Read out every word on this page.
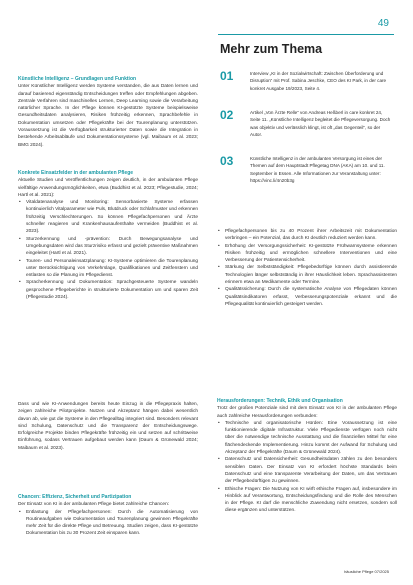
49
Mehr zum Thema
01	Interview „KI in der Sozialwirtschaft: Zwischen Überforderung und Disruption“ mit Prof. Sabina Jeschke, CEO des KI Park, in der care konkret Ausgabe 19/2023, Seite 4.
02	Artikel „Von Ärzte Relle“ von Andreas Heßberl in care konkret 24, Seite 11. „Künstliche Intelligenz begleitet die Pflegeversorgung. Doch was objektiv und verlässlich klingt, ist oft „das Gegenteil“, so der Autor.
03	Künstliche Intelligenz in der ambulanten Versorgung ist eines der Themen auf dem Hauptstadt Pflegetag DNA (AKA) am 10. und 11. September in Essen. Alle Informationen zur Veranstaltung unter: https://vinc.li/4n20b3g
Künstliche Intelligenz – Grundlagen und Funktion
Unter Künstlicher Intelligenz werden Systeme verstanden, die aus Daten lernen und darauf basierend eigenständig Entscheidungen treffen oder Empfehlungen abgeben. Zentrale Verfahren sind maschinelles Lernen, Deep Learning sowie die Verarbeitung natürlicher Sprache. In der Pflege können KI-gestützte Systeme beispielsweise Gesundheitsdaten analysieren, Risiken frühzeitig erkennen, Sprachbefehle in Dokumentation umsetzen oder Pflegekräfte bei der Tourenplanung unterstützen. Voraussetzung ist die Verfügbarkeit strukturierter Daten sowie die Integration in bestehende Arbeitsabläufe und Dokumentationssysteme (vgl. Maibaum et al. 2023; BMG 2024).
Konkrete Einsatzfelder in der ambulanten Pflege
Aktuelle Studien und Veröffentlichungen zeigen deutlich, in der ambulanten Pflege vielfältige Anwendungsmöglichkeiten, etwa (Buddhist et al. 2023; Pflegestudie, 2024; Hartl et al. 2021):
• Vitaldatenanalyse und Monitoring: Sensorbasierte Systeme erfassen kontinuierlich Vitalparameter wie Puls, Blutdruck oder Schlafmuster und erkennen frühzeitig Verschlechterungen. So können Pflegefachpersonen und Ärzte schneller reagieren und Krankenhausaufenthalte vermeiden (Buddhist et al. 2023).
• Sturzerkennung und -prävention: Durch Bewegungsanalyse und Umgebungsdaten wird das Sturzrisiko erfasst und gezielt präventive Maßnahmen eingeleitet (Hartl et al. 2021).
• Touren- und Personaleinsatzplanung: KI-Systeme optimieren die Tourenplanung unter Berücksichtigung von Verkehrslage, Qualifikationen und Zeitfenstern und entlasten so die Planung im Pflegedienst.
• Spracherkennung und Dokumentation: Sprachgesteuerte Systeme wandeln gesprochene Pflegeberichte in strukturierte Dokumentation um und sparen Zeit (Pflegestudie 2024).
Dass und wie KI-Anwendungen bereits heute Einzug in die Pflegepraxis halten, zeigen zahlreiche Pilotprojekte. Nutzen und Akzeptanz hängen dabei wesentlich davon ab, wie gut die Systeme in den Pflegealltag integriert sind. Besonders relevant sind Schulung, Datenschutz und die Transparenz der Entscheidungswege. Erfolgreiche Projekte binden Pflegekräfte frühzeitig ein und setzen auf schrittweise Einführung, sodass Vertrauen aufgebaut werden kann (Daum & Grünewald 2024; Maibaum et al. 2023).
Chancen: Effizienz, Sicherheit und Partizipation
Der Einsatz von KI in der ambulanten Pflege bietet zahlreiche Chancen:
• Entlastung der Pflegefachpersonen: Durch die Automatisierung von Routineaufgaben wie Dokumentation und Tourenplanung gewinnen Pflegekräfte mehr Zeit für die direkte Pflege und Betreuung. Studien zeigen, dass KI-gestützte Dokumentation bis zu 30 Prozent Zeit einsparen kann.
• Pflegefachpersonen bis zu 40 Prozent ihrer Arbeitszeit mit Dokumentation verbringen – ein Potenzial, das durch KI deutlich reduziert werden kann.
• Erhöhung der Versorgungssicherheit: KI-gestützte Frühwarnsysteme erkennen Risiken frühzeitig und ermöglichen schnellere Interventionen und eine Verbesserung der Patientensicherheit.
• Stärkung der Selbstständigkeit: Pflegebedürftige können durch assistierende Technologien länger selbstständig in ihrer Häuslichkeit leben. Sprachassistenten erinnern etwa an Medikamente oder Termine.
• Qualitätssicherung: Durch die systematische Analyse von Pflegedaten können Qualitätsindikatoren erfasst, Verbesserungspotenziale erkannt und die Pflegequalität kontinuierlich gesteigert werden.
Herausforderungen: Technik, Ethik und Organisation
Trotz der großen Potenziale sind mit dem Einsatz von KI in der ambulanten Pflege auch zahlreiche Herausforderungen verbunden:
• Technische und organisatorische Hürden: Eine Voraussetzung ist eine funktionierende digitale Infrastruktur. Viele Pflegedienste verfügen noch nicht über die notwendige technische Ausstattung und die finanziellen Mittel für eine flächendeckende Implementierung. Hinzu kommt der Aufwand für Schulung und Akzeptanz der Pflegekräfte (Daum & Grünewald 2024).
• Datenschutz und Datensicherheit: Gesundheitsdaten zählen zu den besonders sensiblen Daten. Der Einsatz von KI erfordert höchste Standards beim Datenschutz und eine transparente Verarbeitung der Daten, um das Vertrauen der Pflegebedürftigen zu gewinnen.
• Ethische Fragen: Die Nutzung von KI wirft ethische Fragen auf, insbesondere im Hinblick auf Verantwortung, Entscheidungsfindung und die Rolle des Menschen in der Pflege. KI darf die menschliche Zuwendung nicht ersetzen, sondern soll diese ergänzen und unterstützen.
häusliche Pflege 07/2025
